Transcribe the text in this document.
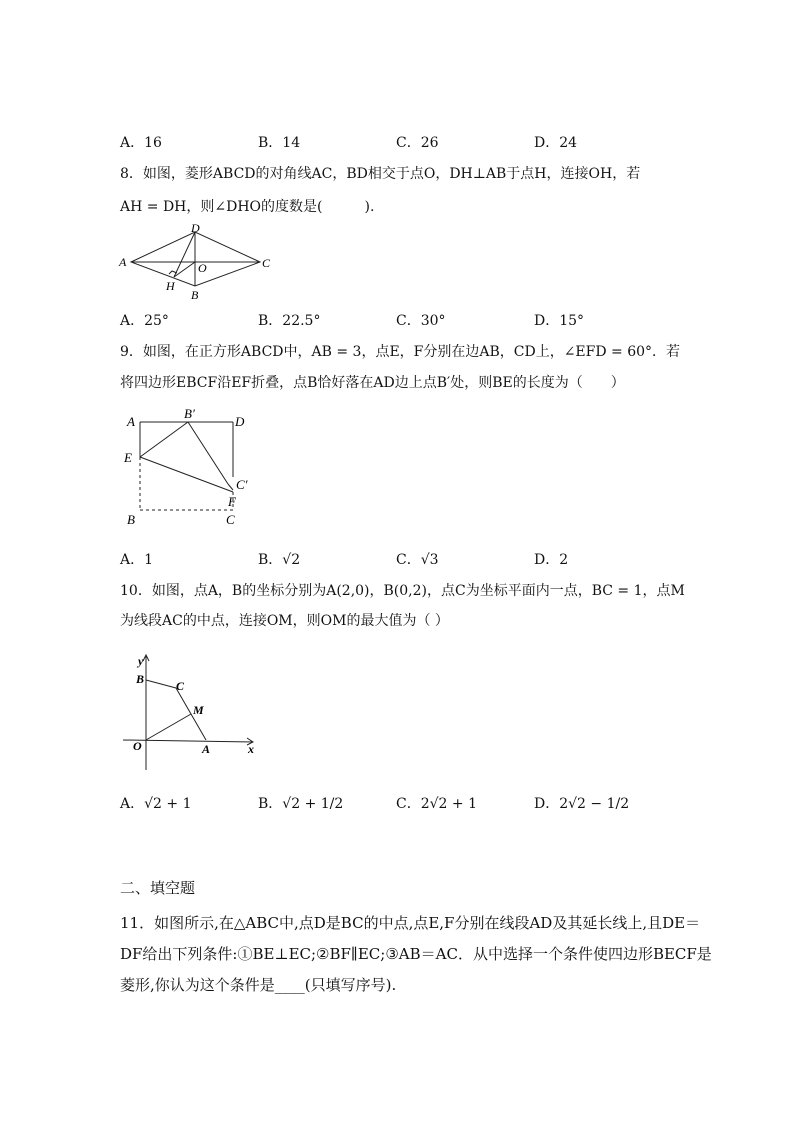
A．16	B．14	C．26	D．24
8．如图，菱形ABCD的对角线AC，BD相交于点O，DH⊥AB于点H，连接OH，若
AH = DH，则∠DHO的度数是(　　　).
A
D
O	C
H
B
A．25°	B．22.5°	C．30°	D．15°
9．如图，在正方形ABCD中，AB = 3，点E，F分别在边AB，CD上，∠EFD = 60°．若
将四边形EBCF沿EF折叠，点B恰好落在AD边上点B′处，则BE的长度为（　　）
A
B′
D
E
C′
F
B	C
A．1	B．√2	C．√3	D．2
10．如图，点A，B的坐标分别为A(2,0)，B(0,2)，点C为坐标平面内一点，BC = 1，点M
为线段AC的中点，连接OM，则OM的最大值为（ ）
y
B	C
M
O	A	x
A．√2 + 1	B．√2 + 1/2	C．2√2 + 1	D．2√2 − 1/2
二、填空题
11．如图所示,在△ABC中,点D是BC的中点,点E,F分别在线段AD及其延长线上,且DE＝
DF给出下列条件:①BE⊥EC;②BF∥EC;③AB＝AC．从中选择一个条件使四边形BECF是
菱形,你认为这个条件是____(只填写序号).
